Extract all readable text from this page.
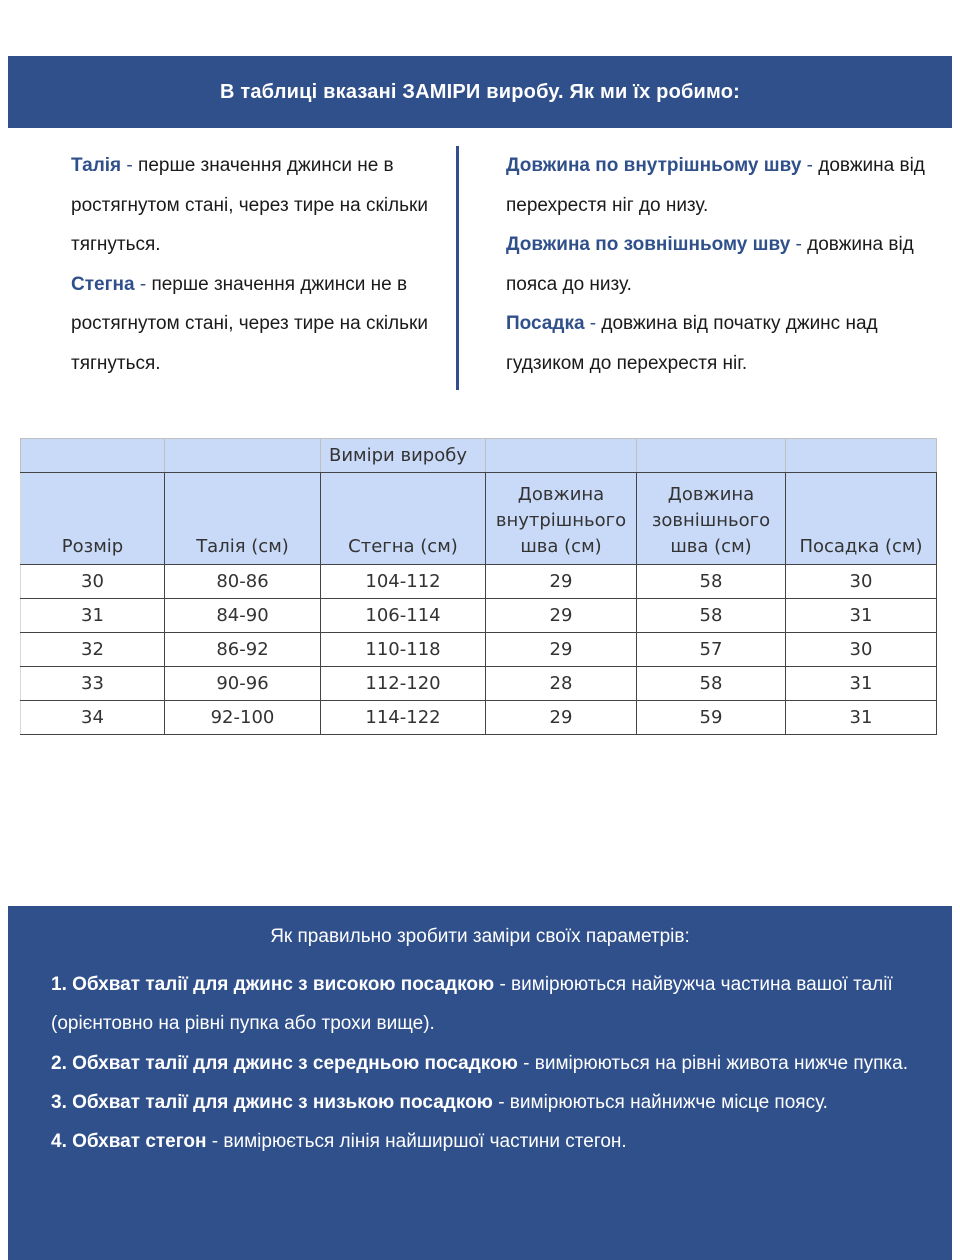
В таблиці вказані ЗАМІРИ виробу. Як ми їх робимо:

Талія - перше значення джинси не в ростягнутом стані, через тире на скільки тягнуться.

Стегна - перше значення джинси не в ростягнутом стані, через тире на скільки тягнуться.

Довжина по внутрішньому шву - довжина від перехрестя ніг до низу.

Довжина по зовнішньому шву - довжина від пояса до низу.

Посадка - довжина від початку джинс над гудзиком до перехрестя ніг.

		Виміри виробу			
Розмір	Талія (см)	Стегна (см)	Довжина внутрішнього шва (см)	Довжина зовнішнього шва (см)	Посадка (см)
30	80-86	104-112	29	58	30
31	84-90	106-114	29	58	31
32	86-92	110-118	29	57	30
33	90-96	112-120	28	58	31
34	92-100	114-122	29	59	31
Як правильно зробити заміри своїх параметрів:

1. Обхват талії для джинс з високою посадкою - вимірюються найвужча частина вашої талії (орієнтовно на рівні пупка або трохи вище).

2. Обхват талії для джинс з середньою посадкою - вимірюються на рівні живота нижче пупка.

3. Обхват талії для джинс з низькою посадкою - вимірюються найнижче місце поясу.

4. Обхват стегон - вимірюється лінія найширшої частини стегон.
